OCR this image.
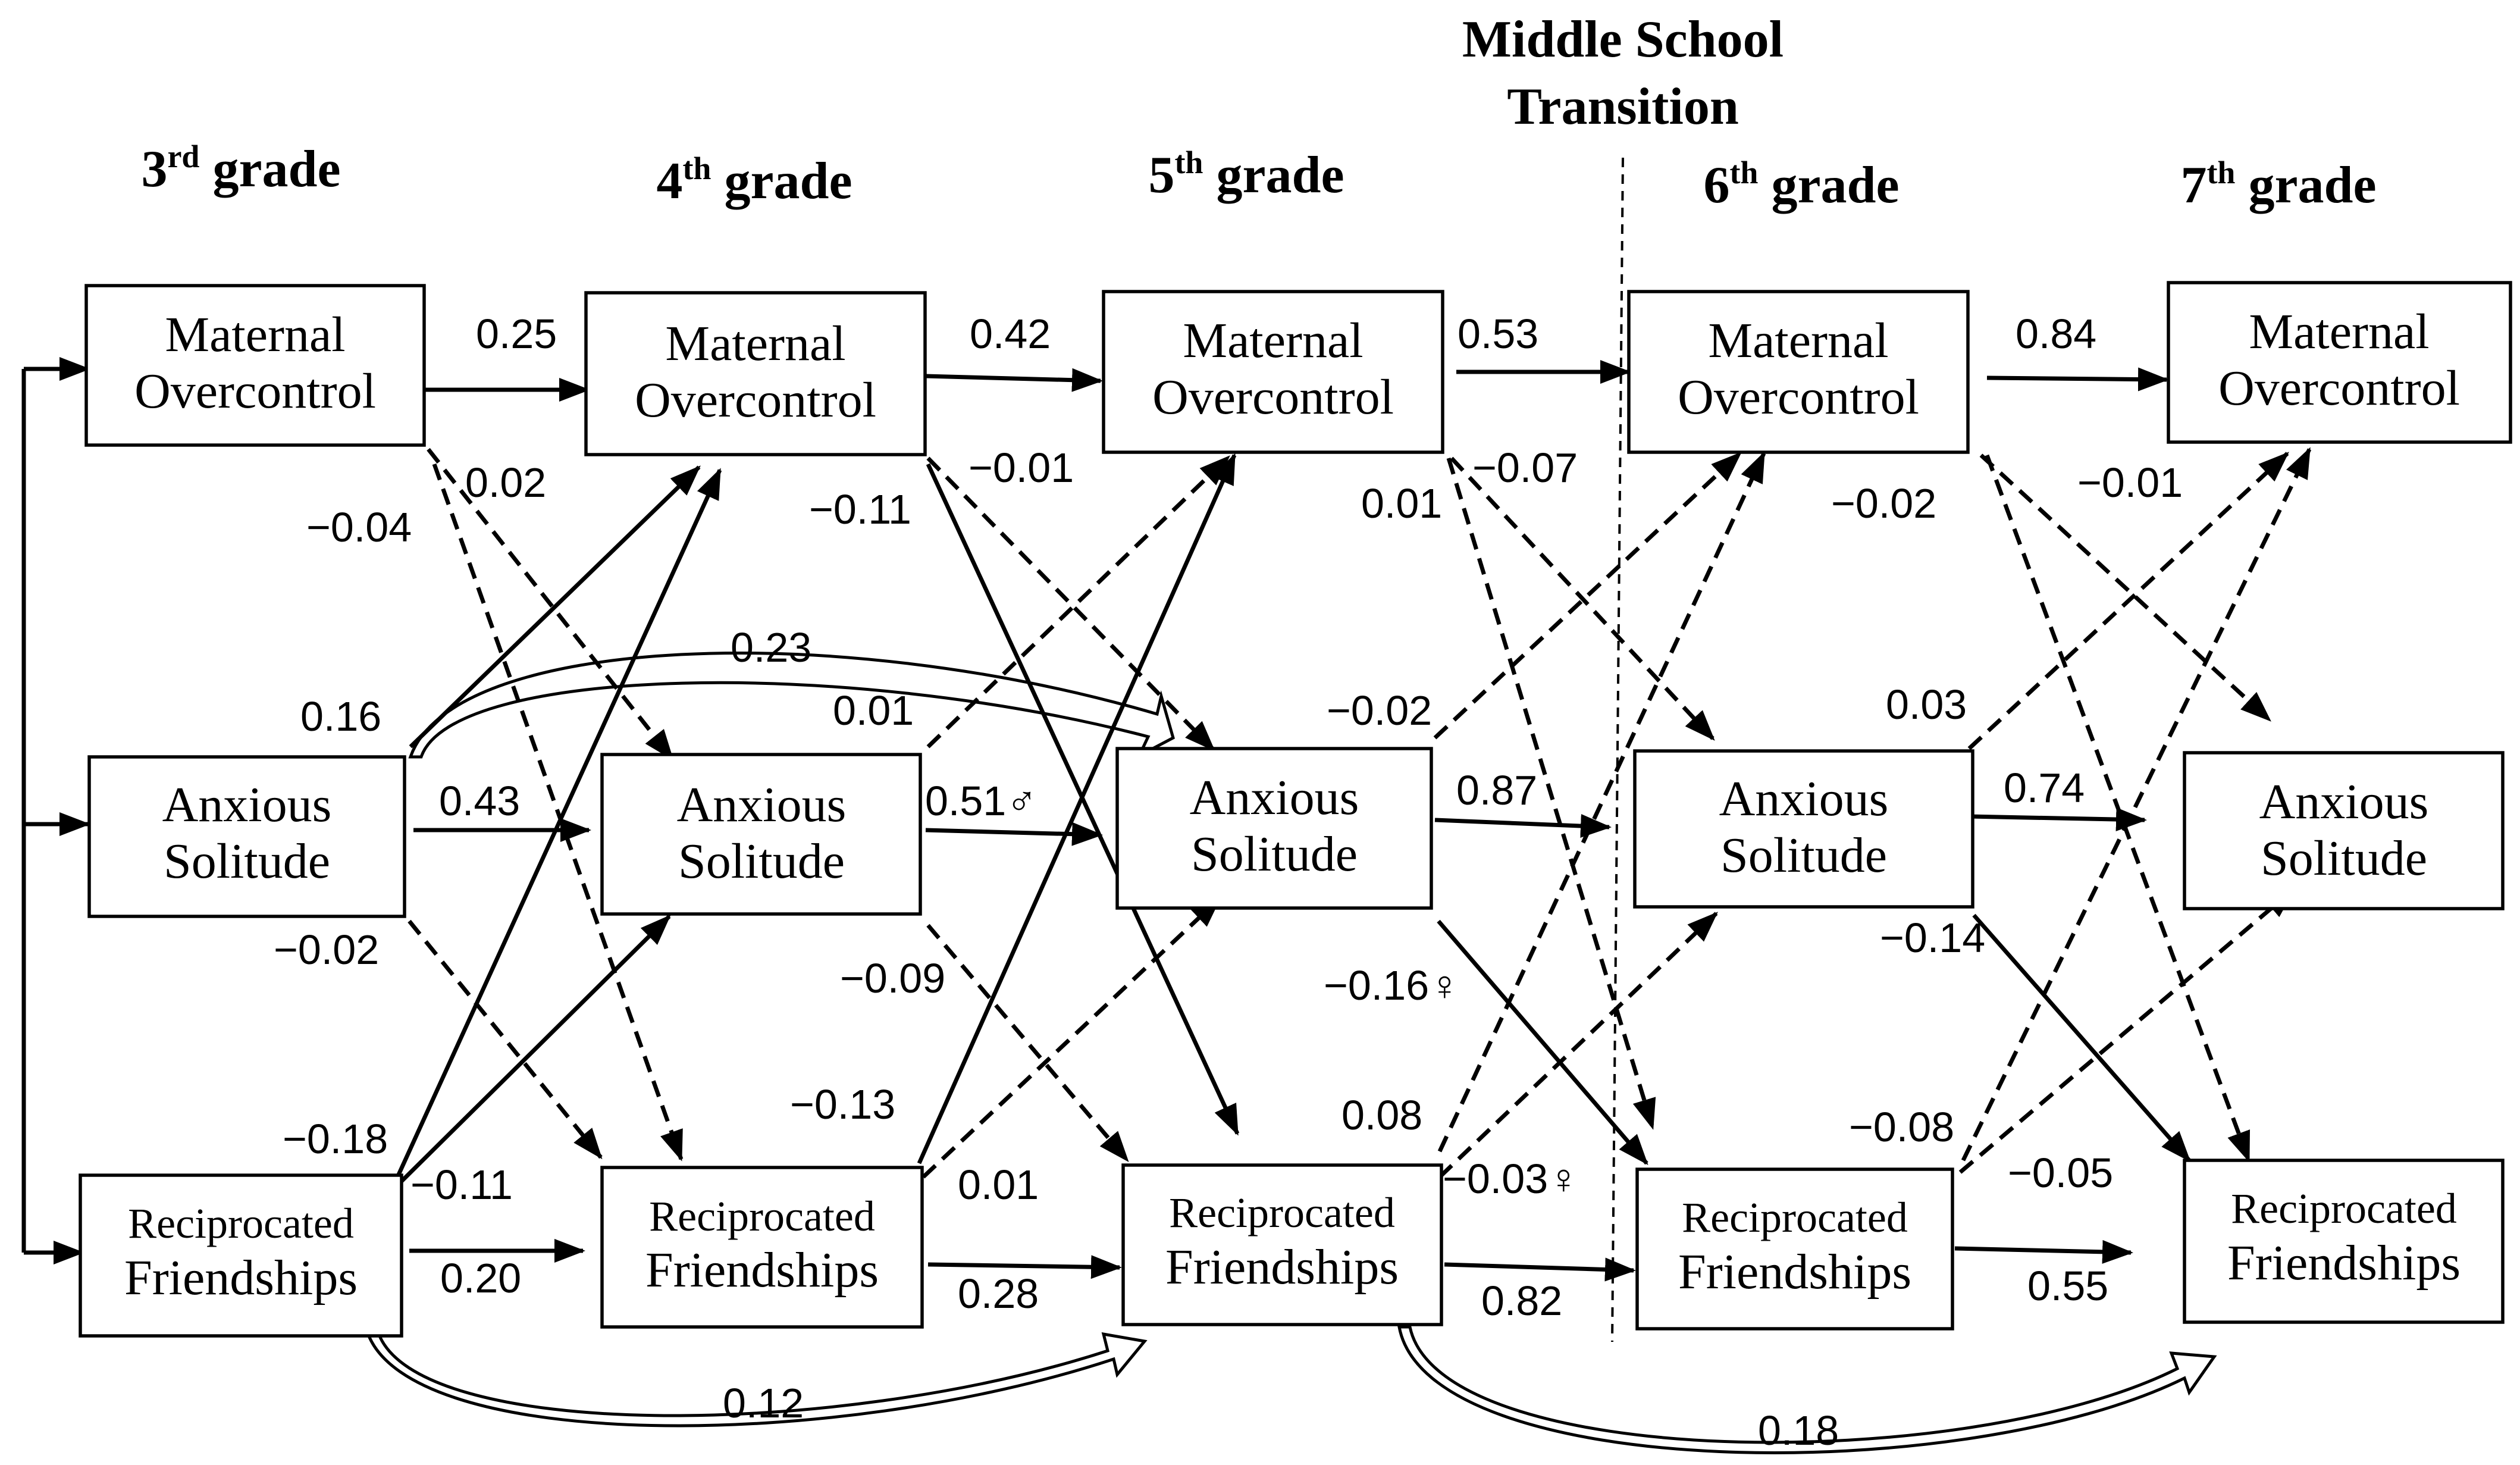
Middle School
Transition
3rd grade	4th grade	5th grade	6th grade	7th grade
Maternal
Overcontrol
Maternal
Overcontrol
Maternal
Overcontrol
Maternal
Overcontrol
Maternal
Overcontrol
Anxious
Solitude
Anxious
Solitude
Anxious
Solitude
Anxious
Solitude
Anxious
Solitude
Reciprocated
Friendships
Reciprocated
Friendships
Reciprocated
Friendships
Reciprocated
Friendships
Reciprocated
Friendships
0.25	0.42	0.53	0.84
0.43	0.51♂	0.87	0.74
0.20	0.28	0.82	0.55
0.02	−0.01	−0.07	−0.01
−0.04	−0.11	0.01	−0.02
0.16	0.01	−0.02	0.03
−0.02
−0.09	−0.16♀
−0.14
−0.18
−0.13	0.08	−0.08
−0.11	0.01	−0.03♀	−0.05
0.23
0.12
0.18
